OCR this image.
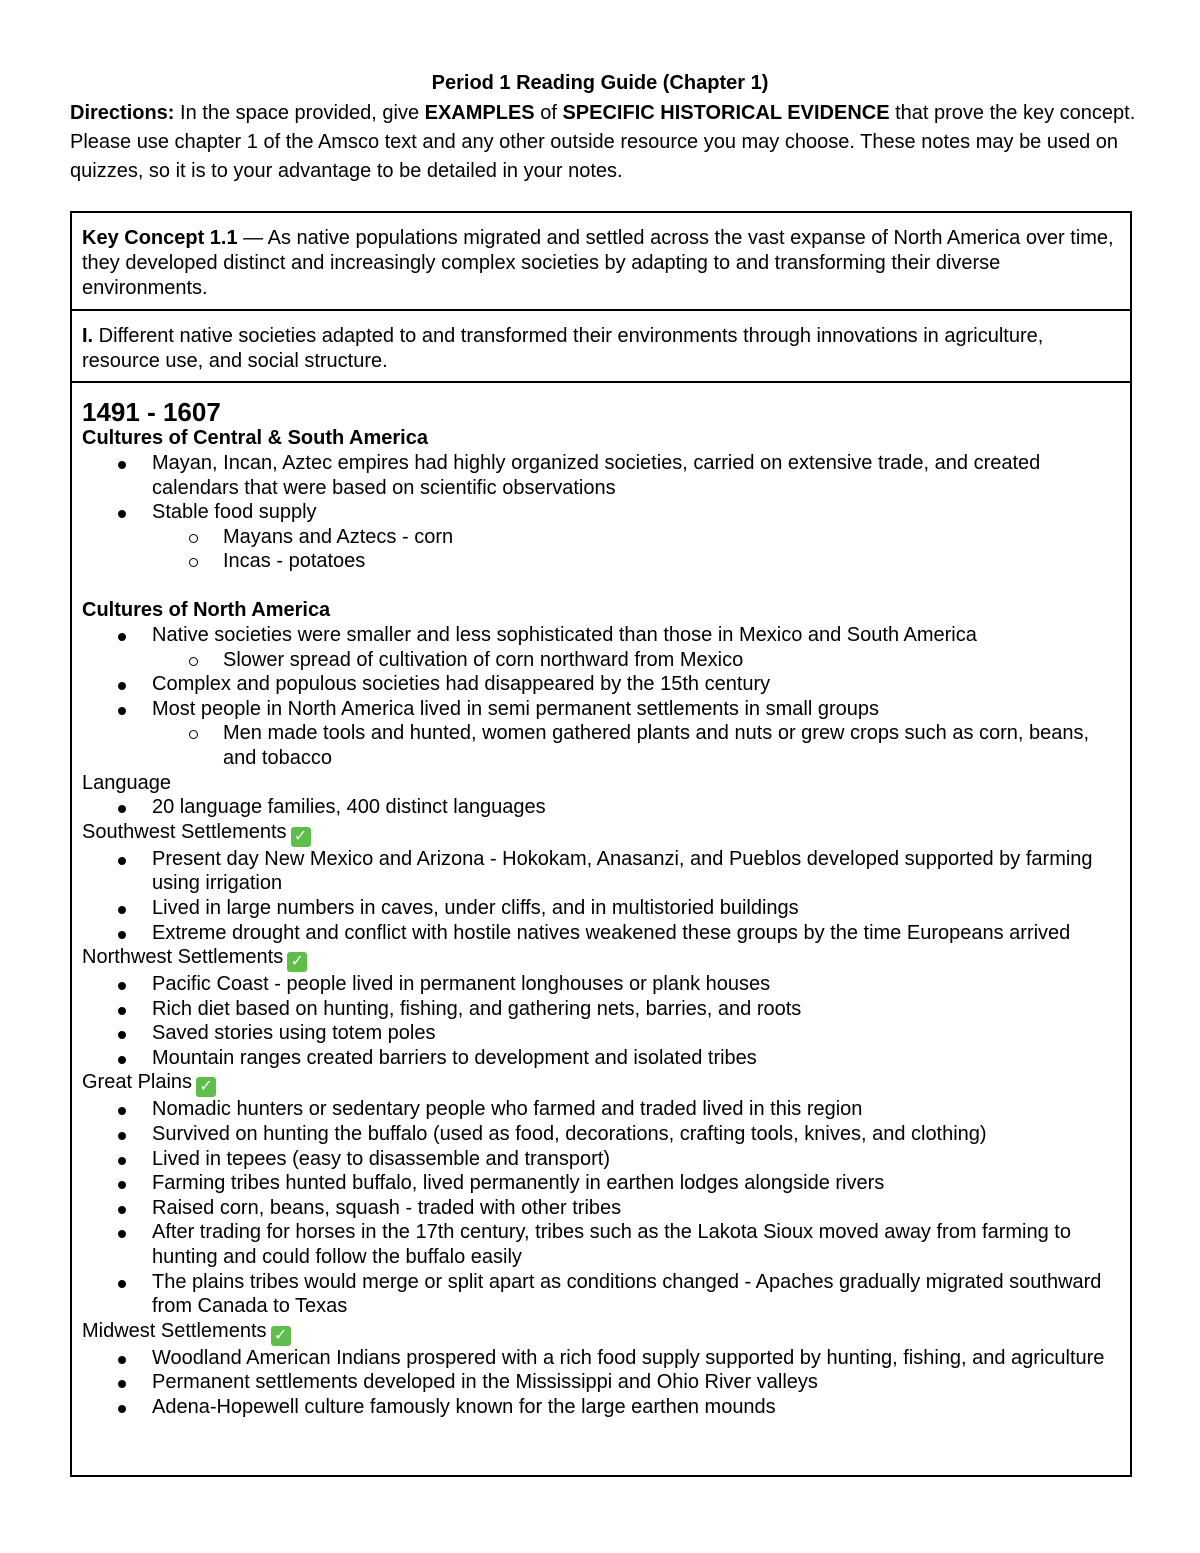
Period 1 Reading Guide (Chapter 1)
Directions: In the space provided, give EXAMPLES of SPECIFIC HISTORICAL EVIDENCE that prove the key concept. Please use chapter 1 of the Amsco text and any other outside resource you may choose. These notes may be used on quizzes, so it is to your advantage to be detailed in your notes.
Key Concept 1.1 — As native populations migrated and settled across the vast expanse of North America over time, they developed distinct and increasingly complex societies by adapting to and transforming their diverse environments.
I. Different native societies adapted to and transformed their environments through innovations in agriculture, resource use, and social structure.
1491 - 1607
Cultures of Central & South America
Mayan, Incan, Aztec empires had highly organized societies, carried on extensive trade, and created calendars that were based on scientific observations
Stable food supply
Mayans and Aztecs - corn
Incas - potatoes
Cultures of North America
Native societies were smaller and less sophisticated than those in Mexico and South America
Slower spread of cultivation of corn northward from Mexico
Complex and populous societies had disappeared by the 15th century
Most people in North America lived in semi permanent settlements in small groups
Men made tools and hunted, women gathered plants and nuts or grew crops such as corn, beans, and tobacco
Language
20 language families, 400 distinct languages
Southwest Settlements ✓
Present day New Mexico and Arizona - Hokokam, Anasanzi, and Pueblos developed supported by farming using irrigation
Lived in large numbers in caves, under cliffs, and in multistoried buildings
Extreme drought and conflict with hostile natives weakened these groups by the time Europeans arrived
Northwest Settlements ✓
Pacific Coast - people lived in permanent longhouses or plank houses
Rich diet based on hunting, fishing, and gathering nets, barries, and roots
Saved stories using totem poles
Mountain ranges created barriers to development and isolated tribes
Great Plains ✓
Nomadic hunters or sedentary people who farmed and traded lived in this region
Survived on hunting the buffalo (used as food, decorations, crafting tools, knives, and clothing)
Lived in tepees (easy to disassemble and transport)
Farming tribes hunted buffalo, lived permanently in earthen lodges alongside rivers
Raised corn, beans, squash - traded with other tribes
After trading for horses in the 17th century, tribes such as the Lakota Sioux moved away from farming to hunting and could follow the buffalo easily
The plains tribes would merge or split apart as conditions changed - Apaches gradually migrated southward from Canada to Texas
Midwest Settlements ✓
Woodland American Indians prospered with a rich food supply supported by hunting, fishing, and agriculture
Permanent settlements developed in the Mississippi and Ohio River valleys
Adena-Hopewell culture famously known for the large earthen mounds
